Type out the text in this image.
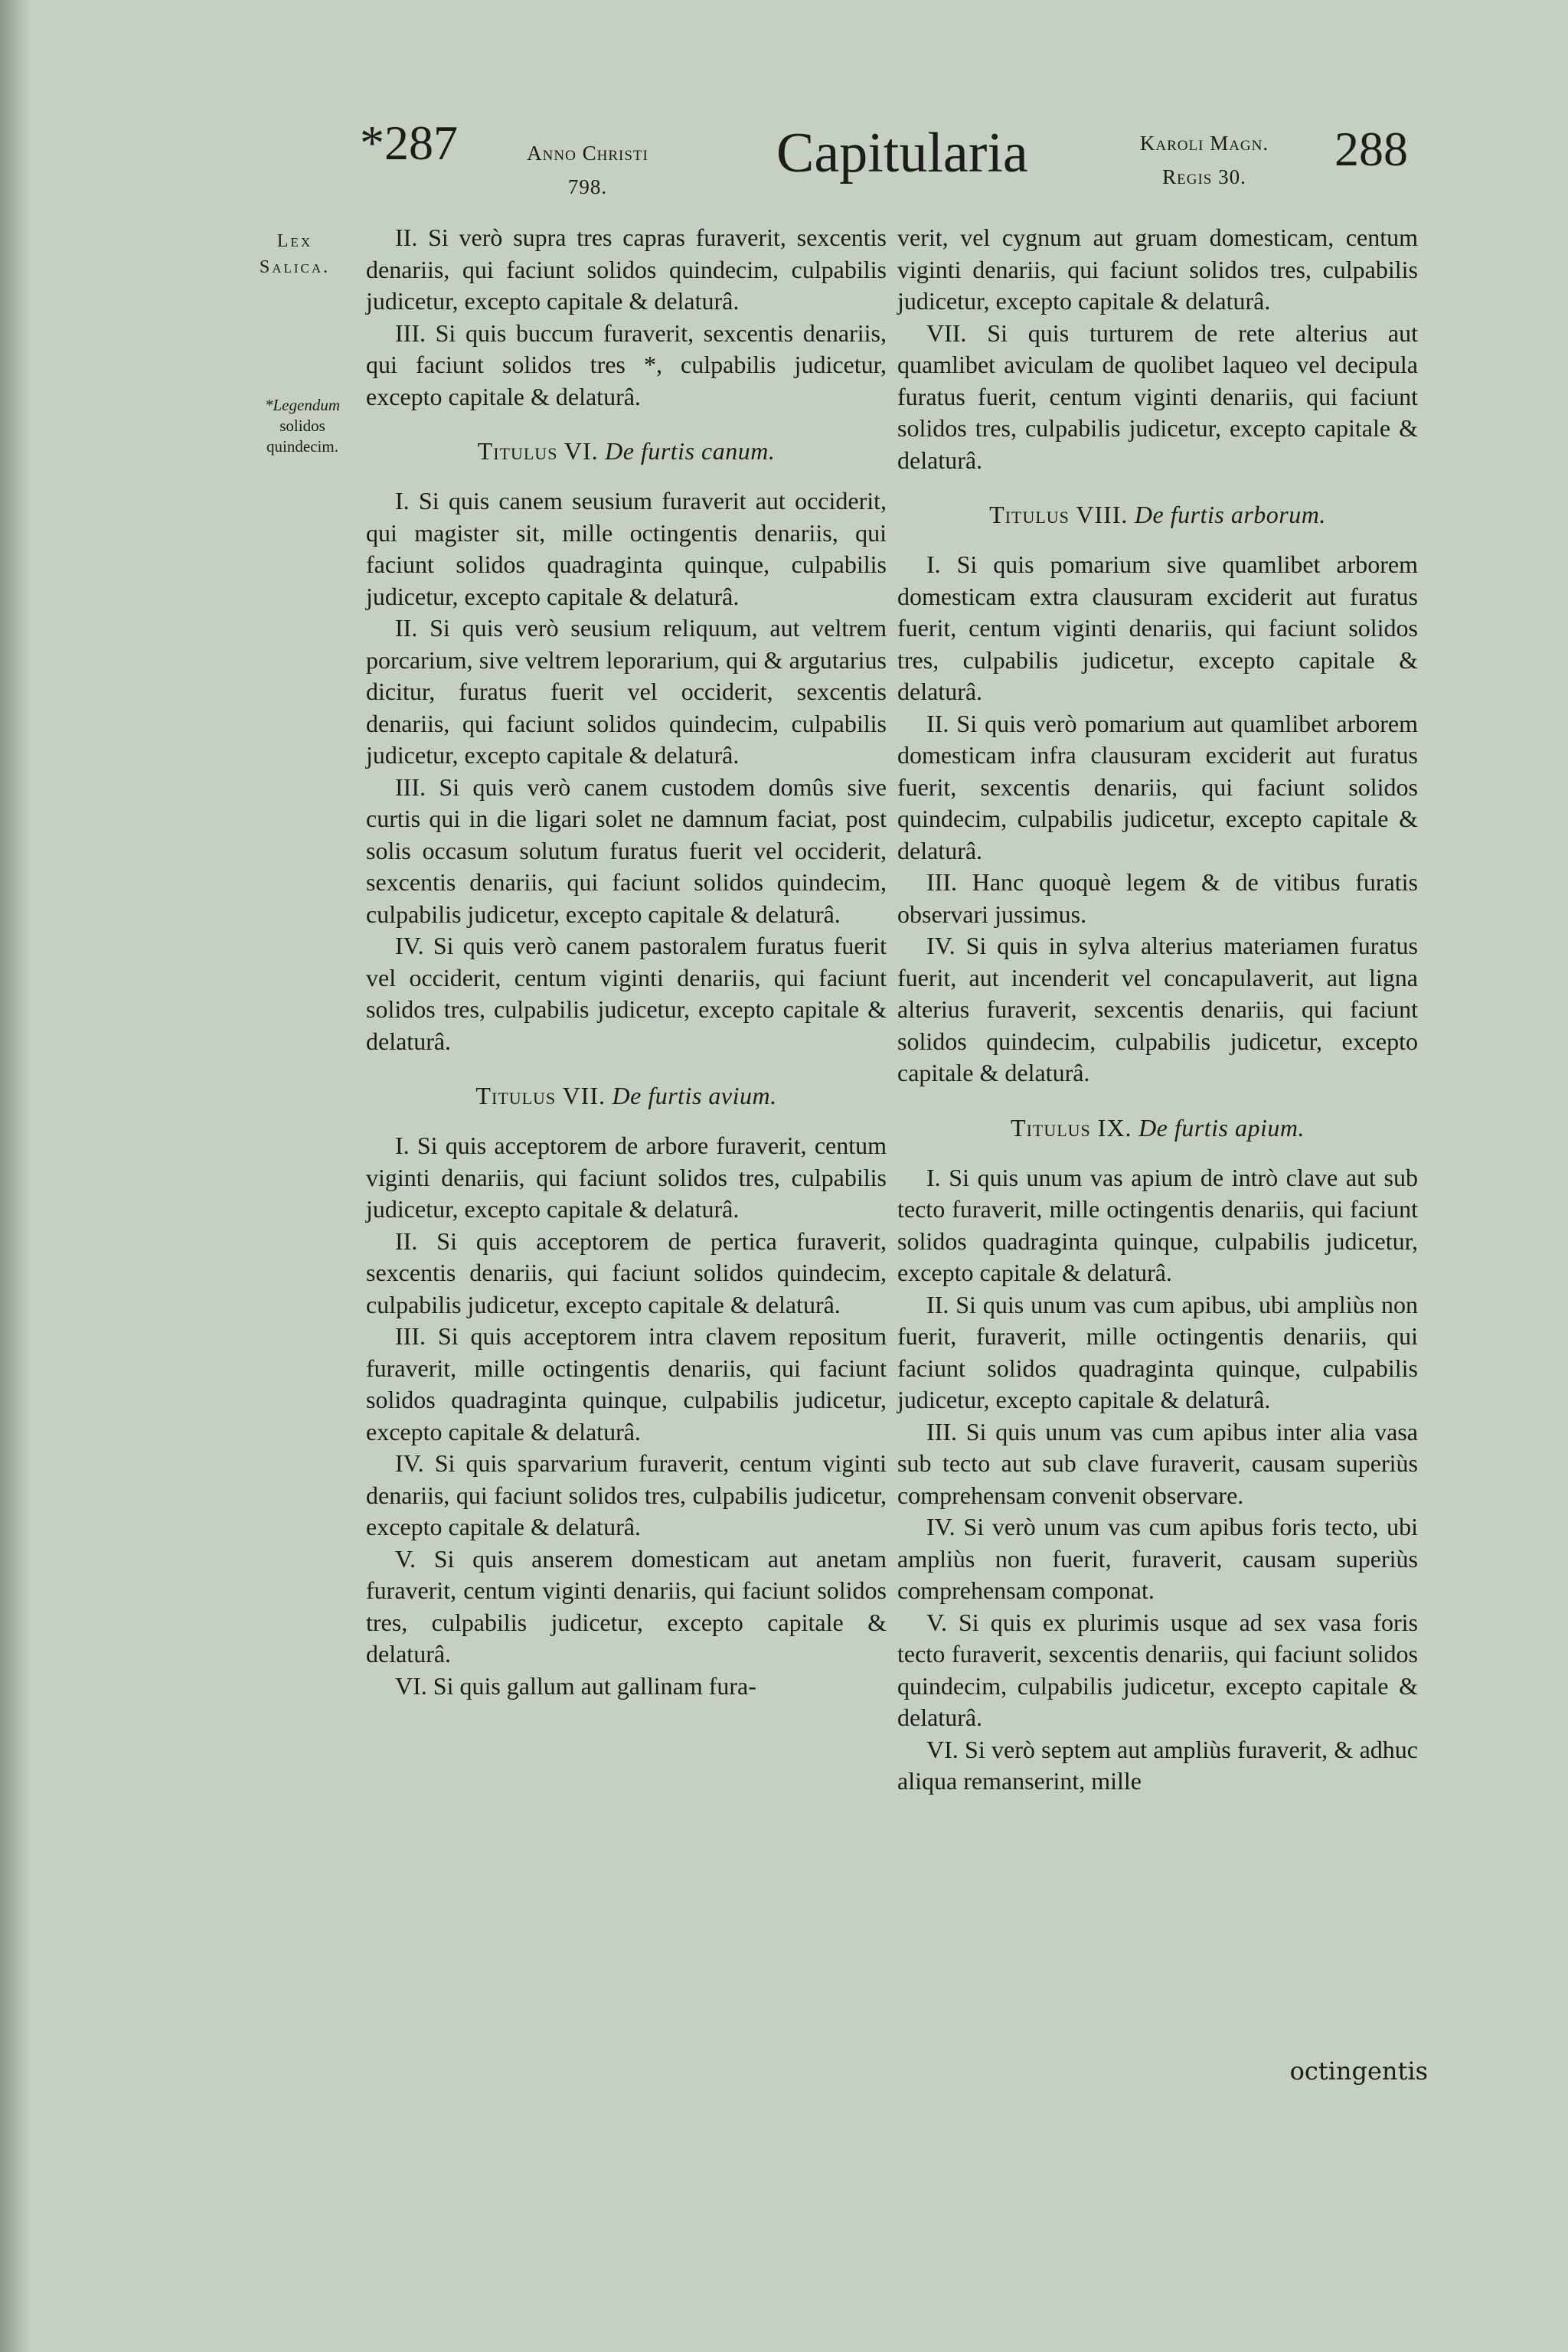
*287	Anno Christi
798.
Capitularia	Karoli Magn.
Regis 30.
288
Lex
Salica.
*Legendum
solidos
quindecim.

II. Si verò supra tres capras furaverit, sexcentis denariis, qui faciunt solidos quindecim, culpabilis judicetur, excepto capitale & delaturâ.

III. Si quis buccum furaverit, sexcentis denariis, qui faciunt solidos tres *, culpabilis judicetur, excepto capitale & delaturâ.

Titulus VI. De furtis canum.

I. Si quis canem seusium furaverit aut occiderit, qui magister sit, mille octingentis denariis, qui faciunt solidos quadraginta quinque, culpabilis judicetur, excepto capitale & delaturâ.

II. Si quis verò seusium reliquum, aut veltrem porcarium, sive veltrem leporarium, qui & argutarius dicitur, furatus fuerit vel occiderit, sexcentis denariis, qui faciunt solidos quindecim, culpabilis judicetur, excepto capitale & delaturâ.

III. Si quis verò canem custodem domûs sive curtis qui in die ligari solet ne damnum faciat, post solis occasum solutum furatus fuerit vel occiderit, sexcentis denariis, qui faciunt solidos quindecim, culpabilis judicetur, excepto capitale & delaturâ.

IV. Si quis verò canem pastoralem furatus fuerit vel occiderit, centum viginti denariis, qui faciunt solidos tres, culpabilis judicetur, excepto capitale & delaturâ.

Titulus VII. De furtis avium.

I. Si quis acceptorem de arbore furaverit, centum viginti denariis, qui faciunt solidos tres, culpabilis judicetur, excepto capitale & delaturâ.

II. Si quis acceptorem de pertica furaverit, sexcentis denariis, qui faciunt solidos quindecim, culpabilis judicetur, excepto capitale & delaturâ.

III. Si quis acceptorem intra clavem repositum furaverit, mille octingentis denariis, qui faciunt solidos quadraginta quinque, culpabilis judicetur, excepto capitale & delaturâ.

IV. Si quis sparvarium furaverit, centum viginti denariis, qui faciunt solidos tres, culpabilis judicetur, excepto capitale & delaturâ.

V. Si quis anserem domesticam aut anetam furaverit, centum viginti denariis, qui faciunt solidos tres, culpabilis judicetur, excepto capitale & delaturâ.

VI. Si quis gallum aut gallinam fura-

verit, vel cygnum aut gruam domesticam, centum viginti denariis, qui faciunt solidos tres, culpabilis judicetur, excepto capitale & delaturâ.

VII. Si quis turturem de rete alterius aut quamlibet aviculam de quolibet laqueo vel decipula furatus fuerit, centum viginti denariis, qui faciunt solidos tres, culpabilis judicetur, excepto capitale & delaturâ.

Titulus VIII. De furtis arborum.

I. Si quis pomarium sive quamlibet arborem domesticam extra clausuram exciderit aut furatus fuerit, centum viginti denariis, qui faciunt solidos tres, culpabilis judicetur, excepto capitale & delaturâ.

II. Si quis verò pomarium aut quamlibet arborem domesticam infra clausuram exciderit aut furatus fuerit, sexcentis denariis, qui faciunt solidos quindecim, culpabilis judicetur, excepto capitale & delaturâ.

III. Hanc quoquè legem & de vitibus furatis observari jussimus.

IV. Si quis in sylva alterius materiamen furatus fuerit, aut incenderit vel concapulaverit, aut ligna alterius furaverit, sexcentis denariis, qui faciunt solidos quindecim, culpabilis judicetur, excepto capitale & delaturâ.

Titulus IX. De furtis apium.

I. Si quis unum vas apium de intrò clave aut sub tecto furaverit, mille octingentis denariis, qui faciunt solidos quadraginta quinque, culpabilis judicetur, excepto capitale & delaturâ.

II. Si quis unum vas cum apibus, ubi ampliùs non fuerit, furaverit, mille octingentis denariis, qui faciunt solidos quadraginta quinque, culpabilis judicetur, excepto capitale & delaturâ.

III. Si quis unum vas cum apibus inter alia vasa sub tecto aut sub clave furaverit, causam superiùs comprehensam convenit observare.

IV. Si verò unum vas cum apibus foris tecto, ubi ampliùs non fuerit, furaverit, causam superiùs comprehensam componat.

V. Si quis ex plurimis usque ad sex vasa foris tecto furaverit, sexcentis denariis, qui faciunt solidos quindecim, culpabilis judicetur, excepto capitale & delaturâ.

VI. Si verò septem aut ampliùs furaverit, & adhuc aliqua remanserint, mille

octingentis
